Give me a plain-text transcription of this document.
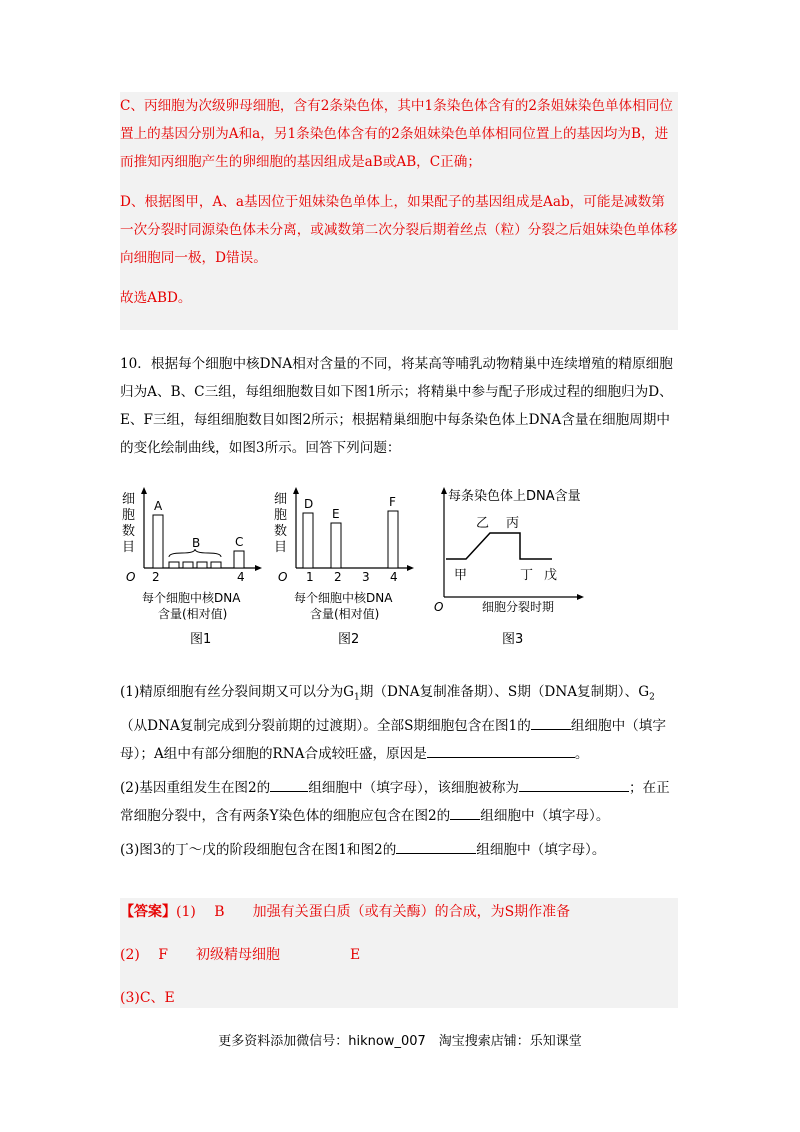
C、丙细胞为次级卵母细胞，含有2条染色体，其中1条染色体含有的2条姐妹染色单体相同位置上的基因分别为A和a，另1条染色体含有的2条姐妹染色单体相同位置上的基因均为B，进而推知丙细胞产生的卵细胞的基因组成是aB或AB，C正确；

D、根据图甲，A、a基因位于姐妹染色单体上，如果配子的基因组成是Aab，可能是减数第一次分裂时同源染色体未分离，或减数第二次分裂后期着丝点（粒）分裂之后姐妹染色单体移向细胞同一极，D错误。

故选ABD。

10．根据每个细胞中核DNA相对含量的不同，将某高等哺乳动物精巢中连续增殖的精原细胞归为A、B、C三组，每组细胞数目如下图1所示；将精巢中参与配子形成过程的细胞归为D、E、F三组，每组细胞数目如图2所示；根据精巢细胞中每条染色体上DNA含量在细胞周期中的变化绘制曲线，如图3所示。回答下列问题：

细
胞
数
目
O 2	4
A
B	C
每个细胞中核DNA
含量(相对值)
图1
细
胞
数
目
O 1 2 3 4
D
E
F
每个细胞中核DNA
含量(相对值)
图2
每条染色体上DNA含量
甲
乙 丙
丁 戊
O	细胞分裂时期
图3

(1)精原细胞有丝分裂间期又可以分为$G_1$期（DNA复制准备期）、S期（DNA复制期）、$G_2$（从DNA复制完成到分裂前期的过渡期）。全部S期细胞包含在图1的	组细胞中（填字母）；A组中有部分细胞的RNA合成较旺盛，原因是	。

(2)基因重组发生在图2的	组细胞中（填字母），该细胞被称为	；在正常细胞分裂中，含有两条Y染色体的细胞应包含在图2的 组细胞中（填字母）。

(3)图3的丁～戊的阶段细胞包含在图1和图2的	组细胞中（填字母）。

【答案】(1)　 B　　加强有关蛋白质（或有关酶）的合成，为S期作准备

(2)　 F　　初级精母细胞　　　　　E

(3)C、E

更多资料添加微信号：hiknow_007　淘宝搜索店铺：乐知课堂
